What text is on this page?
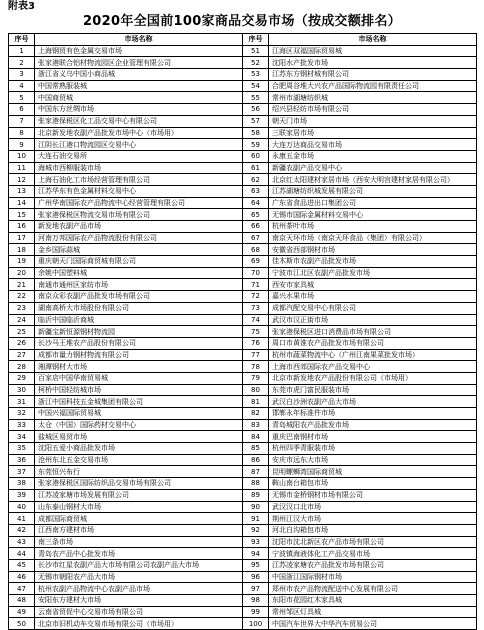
附表3
2020年全国前100家商品交易市场（按成交额排名）
序号	市场名称	序号	市场名称
1	上海钢贸有色金属交易市场	51	江海区双福国际贸易城
2	张家港联合铝材物流园区企业管理有限公司	52	沈阳水产批发市场
3	浙江省义乌中国小商品城	53	江苏东方钢材城有限公司
4	中国常熟服装城	54	合肥周谷堆大兴农产品国际物流园有限责任公司
5	中国商贸城	55	常州市湖塘纺织城
6	中国东方丝绸市场	56	绍兴县轻纺市场有限公司
7	张家港保税区化工品交易中心有限公司	57	朝天门市场
8	北京新发地农副产品批发市场中心（市场用）	58	三联家居市场
9	江阴长江港口物流园区交易中心	59	大连万达商品交易市场
10	大连石油交易所	60	永康五金市场
11	海城市西柳服装市场	61	新疆农副产品交易中心
12	上海石油化工市场经营管理有限公司	62	北京红太阳建材家居市场（西安大明宫建材家居有限公司）
13	江苏华东有色金属材料交易中心	63	江苏湖塘纺织城发展有限公司
14	广州华南国际农产品物流中心经营管理有限公司	64	广东省食品进出口集团公司
15	张家港保税区物流交易市场有限公司	65	无锡市国际金属材料交易中心
16	新发地农副产品市场	66	杭州茶叶市场
17	河南万邦国际农产品物流股份有限公司	67	南京天环市场（南京天环食品（集团）有限公司）
18	金乡国际蒜城	68	安徽省西部钢材市场
19	重庆朝天门国际商贸城有限公司	69	佳木斯市农副产品批发市场
20	余姚中国塑料城	70	宁波市江北区农副产品批发市场
21	南通市通州区家纺市场	71	西安市家具城
22	南京众彩农副产品批发市场有限公司	72	嘉兴水果市场
23	湖南高桥大市场股份有限公司	73	成都汽配交易中心有限公司
24	临沂中国临沂商城	74	武汉市汉正街市场
25	新疆宝新恒源钢材物流园	75	张家港保税区进口消费品市场有限公司
26	长沙马王堆农产品股份有限公司	76	周口市黄淮农产品批发市场有限公司
27	成都市量力钢材物流有限公司	77	杭州市蔬菜物流中心（广州江南果菜批发市场）
28	湘潭钢材大市场	78	上海市西郊国际农产品交易中心
29	百家店中国华南贸易城	79	北京市新发地农产品股份有限公司（市场用）
30	柯桥中国轻纺城市场	80	东莞市虎门富民服装市场
31	浙江中国科技五金城集团有限公司	81	武汉白沙洲农副产品大市场
32	中国兴福国际贸易城	82	邯郸永年标准件市场
33	太仓（中国）国际药材交易中心	83	青岛城阳农产品批发市场
34	盐城区易贸市场	84	重庆巴南钢材市场
35	沈阳五爱小商品批发市场	85	杭州四季青服装市场
36	沧州东北五金交易市场	86	安庆市远东大市场
37	东莞恒兴布行	87	昆明螺蛳湾国际商贸城
38	张家港保税区国际纺织品交易市场有限公司	88	鞍山南台箱包市场
39	江苏凌家塘市场发展有限公司	89	无锡市金桥钢材市场有限公司
40	山东泰山钢材大市场	90	武汉汉口北市场
41	成都国际商贸城	91	荆州江汉大市场
42	江西南方建材市场	92	河北白沟箱包市场
43	南三条市场	93	沈阳市沈北新区农产品市场有限公司
44	青岛农产品中心批发市场	94	宁波镇海液体化工产品交易市场
45	长沙市红星农副产品大市场有限公司农副产品大市场	95	江苏凌家塘农产品批发市场有限公司
46	无锡市朝阳农产品大市场	96	中国浙江国际钢材市场
47	杭州农副产品物流中心农副产品市场	97	郑州市农产品物流配送中心发展有限公司
48	安阳东方建材大市场	98	东阳市花园红木家具城
49	云南省贸促中心交易市场有限公司	99	常州邹区灯具城
50	北京市旧机动车交易市场有限公司（市场用）	100	中国汽车世界大中华汽车贸易公司
